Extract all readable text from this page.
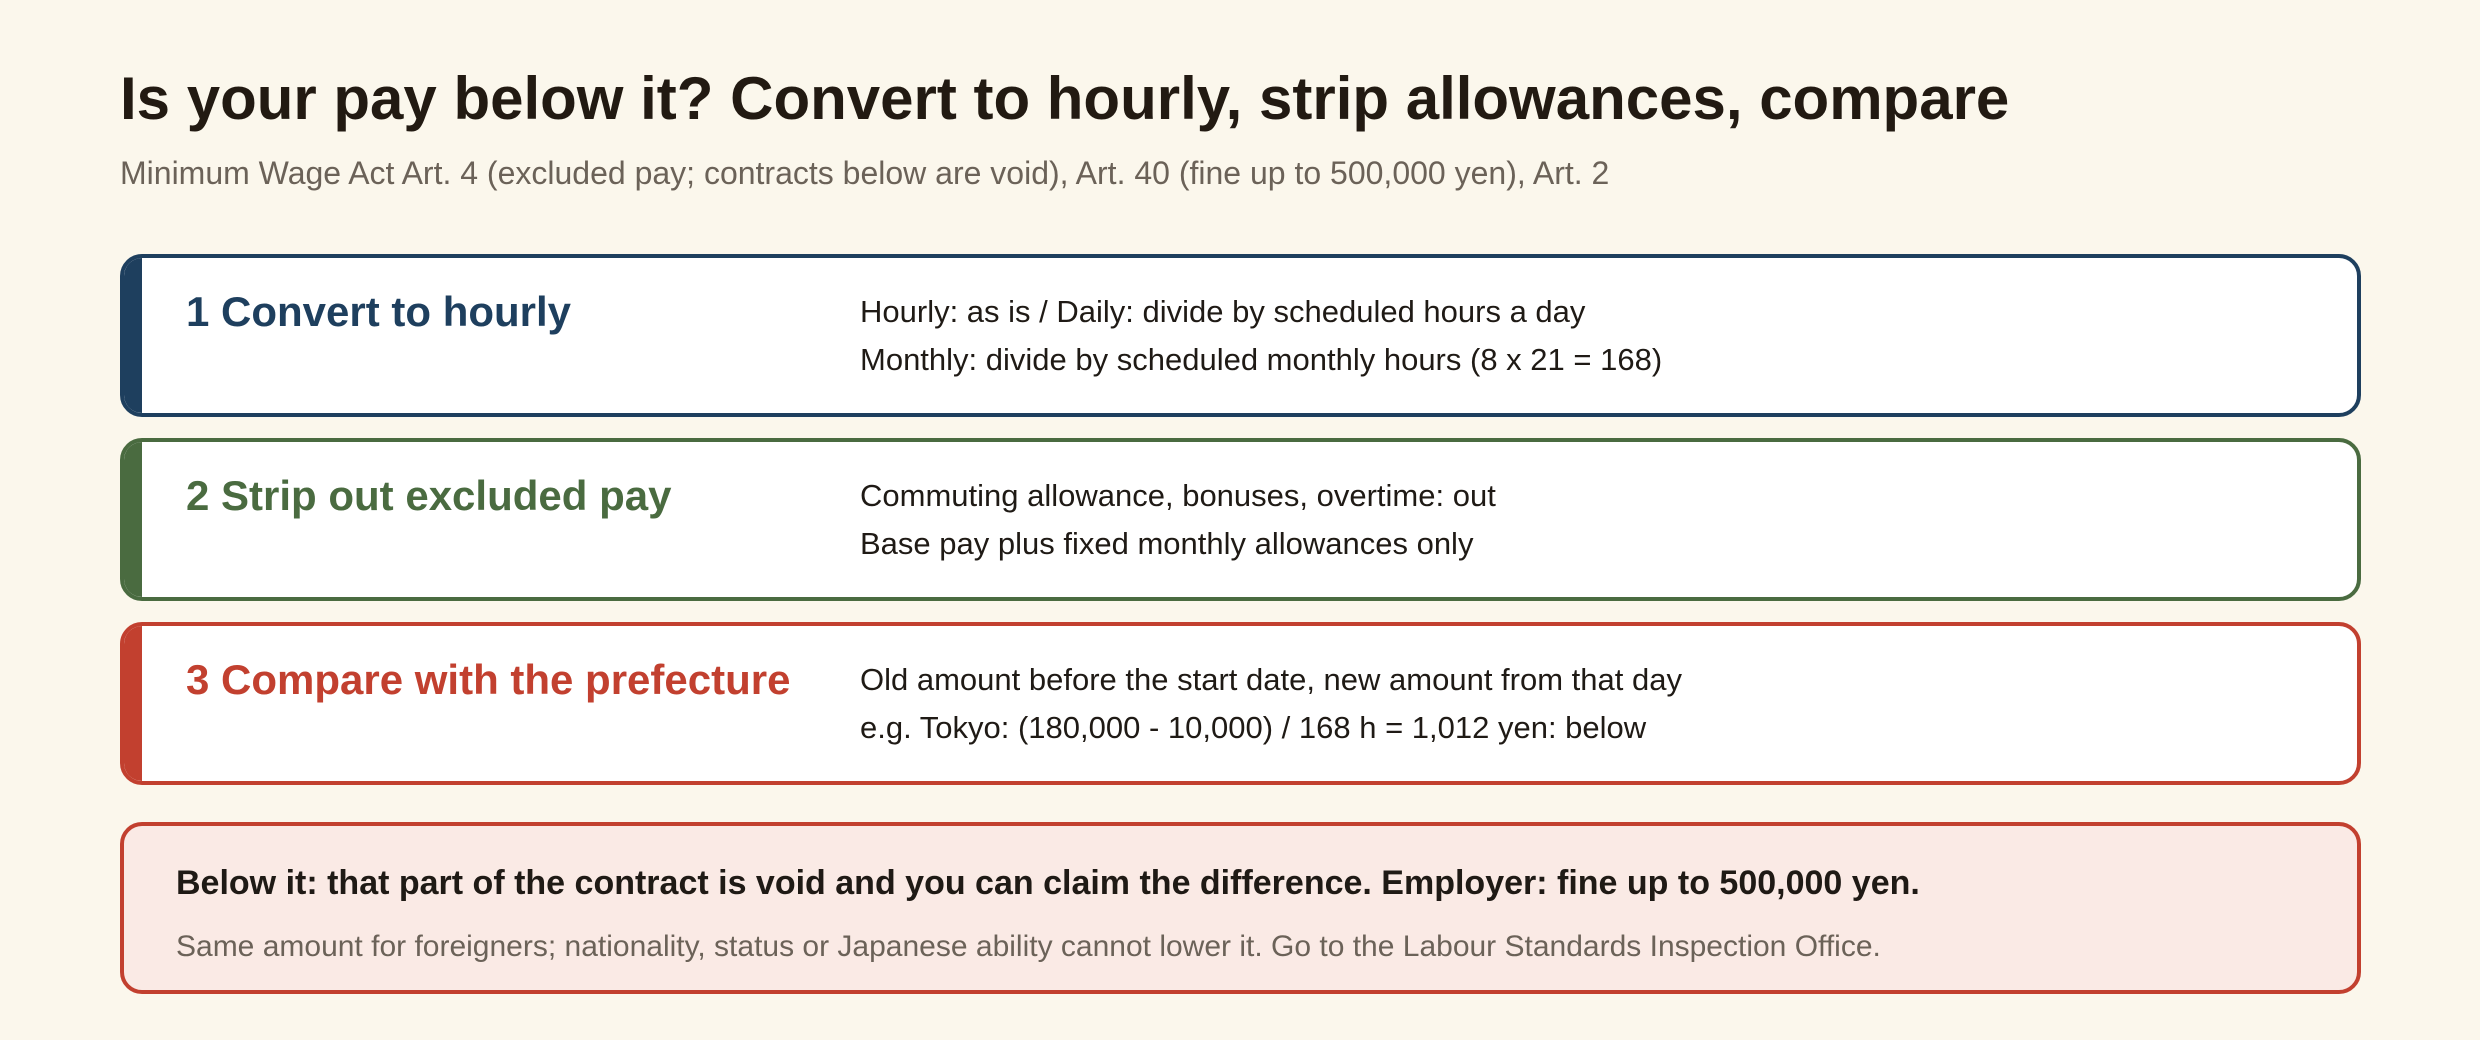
Is your pay below it? Convert to hourly, strip allowances, compare
Minimum Wage Act Art. 4 (excluded pay; contracts below are void), Art. 40 (fine up to 500,000 yen), Art. 2
1 Convert to hourly	Hourly: as is / Daily: divide by scheduled hours a day
Monthly: divide by scheduled monthly hours (8 x 21 = 168)
2 Strip out excluded pay	Commuting allowance, bonuses, overtime: out
Base pay plus fixed monthly allowances only
3 Compare with the prefecture Old amount before the start date, new amount from that day
e.g. Tokyo: (180,000 - 10,000) / 168 h = 1,012 yen: below
Below it: that part of the contract is void and you can claim the difference. Employer: fine up to 500,000 yen.
Same amount for foreigners; nationality, status or Japanese ability cannot lower it. Go to the Labour Standards Inspection Office.
